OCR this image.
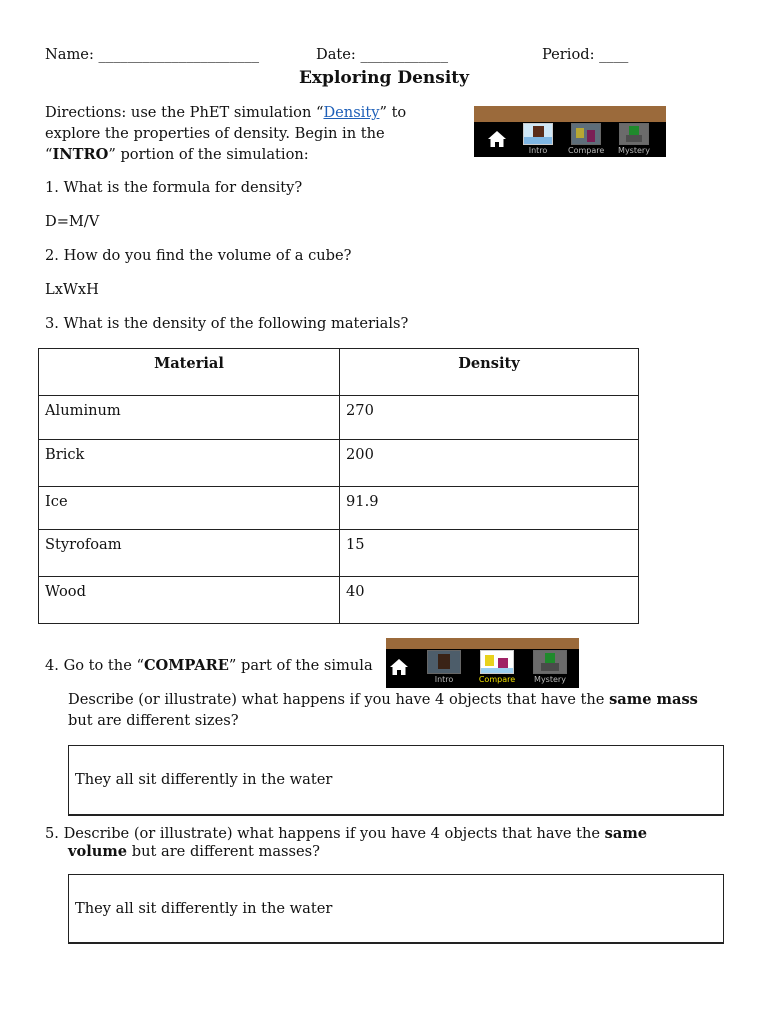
Name: ______________________	Date: ____________	Period: ____
Exploring Density
Directions: use the PhET simulation “Density” to
explore the properties of density. Begin in the
“INTRO” portion of the simulation:	Intro	Compare Mystery
1. What is the formula for density?
D=M/V
2. How do you find the volume of a cube?
LxWxH
3. What is the density of the following materials?
Material	Density
Aluminum	270
Brick	200
Ice	91.9
Styrofoam	15
Wood	40
4. Go to the “COMPARE” part of the simula
Intro	Compare	Mystery
Describe (or illustrate) what happens if you have 4 objects that have the same mass
but are different sizes?
They all sit differently in the water
5. Describe (or illustrate) what happens if you have 4 objects that have the same
volume but are different masses?
They all sit differently in the water
